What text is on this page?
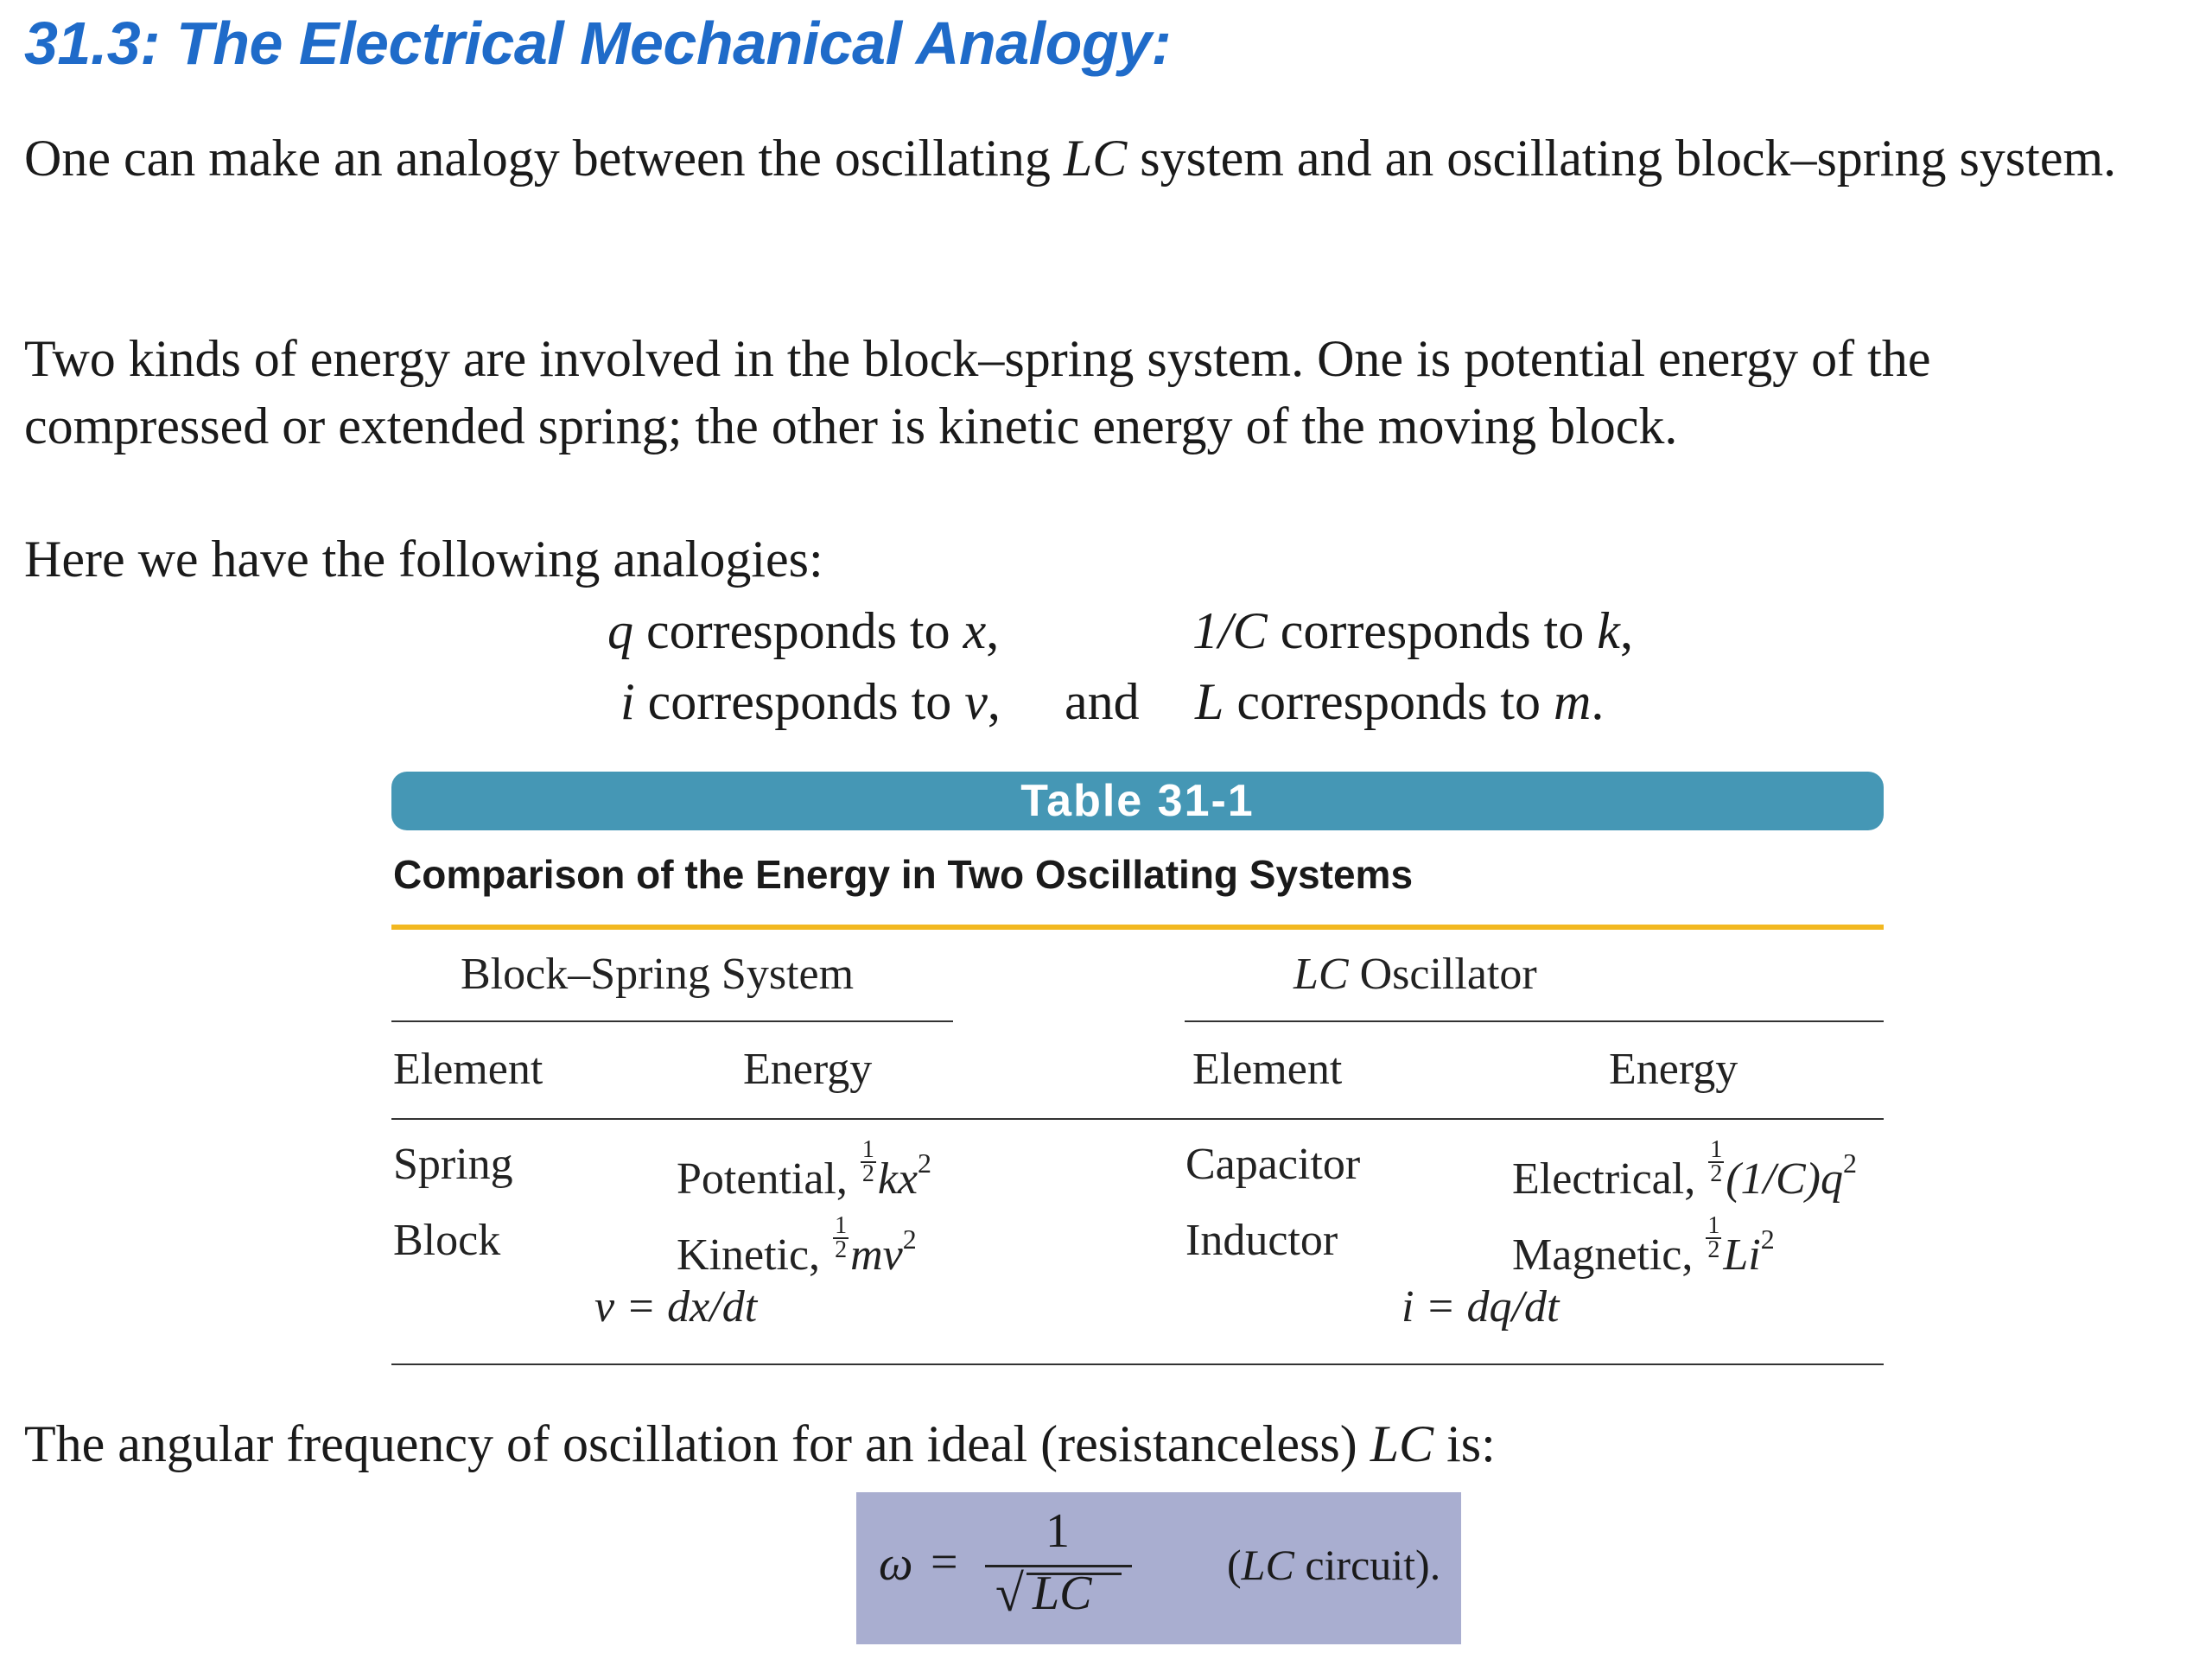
31.3: The Electrical Mechanical Analogy:
One can make an analogy between the oscillating LC system and an oscillating block–spring system.
Two kinds of energy are involved in the block–spring system. One is potential energy of the compressed or extended spring; the other is kinetic energy of the moving block.
Here we have the following analogies:
q corresponds to x,	1/C corresponds to k,
i corresponds to v, and L corresponds to m.
Table 31-1
Comparison of the Energy in Two Oscillating Systems
Block–Spring System	LC Oscillator
Element	Energy	Element	Energy
Spring	Potential, $\frac{1}{2} kx^2$	Capacitor	Electrical, $\frac{1}{2} (1/C)q^2$
Block	Kinetic, $\frac{1}{2} mv^2$	Inductor	Magnetic, $\frac{1}{2} Li^2$
v = dx/dt	i = dq/dt
The angular frequency of oscillation for an ideal (resistanceless) LC is:
ω =
1
√ LC
(LC circuit).
